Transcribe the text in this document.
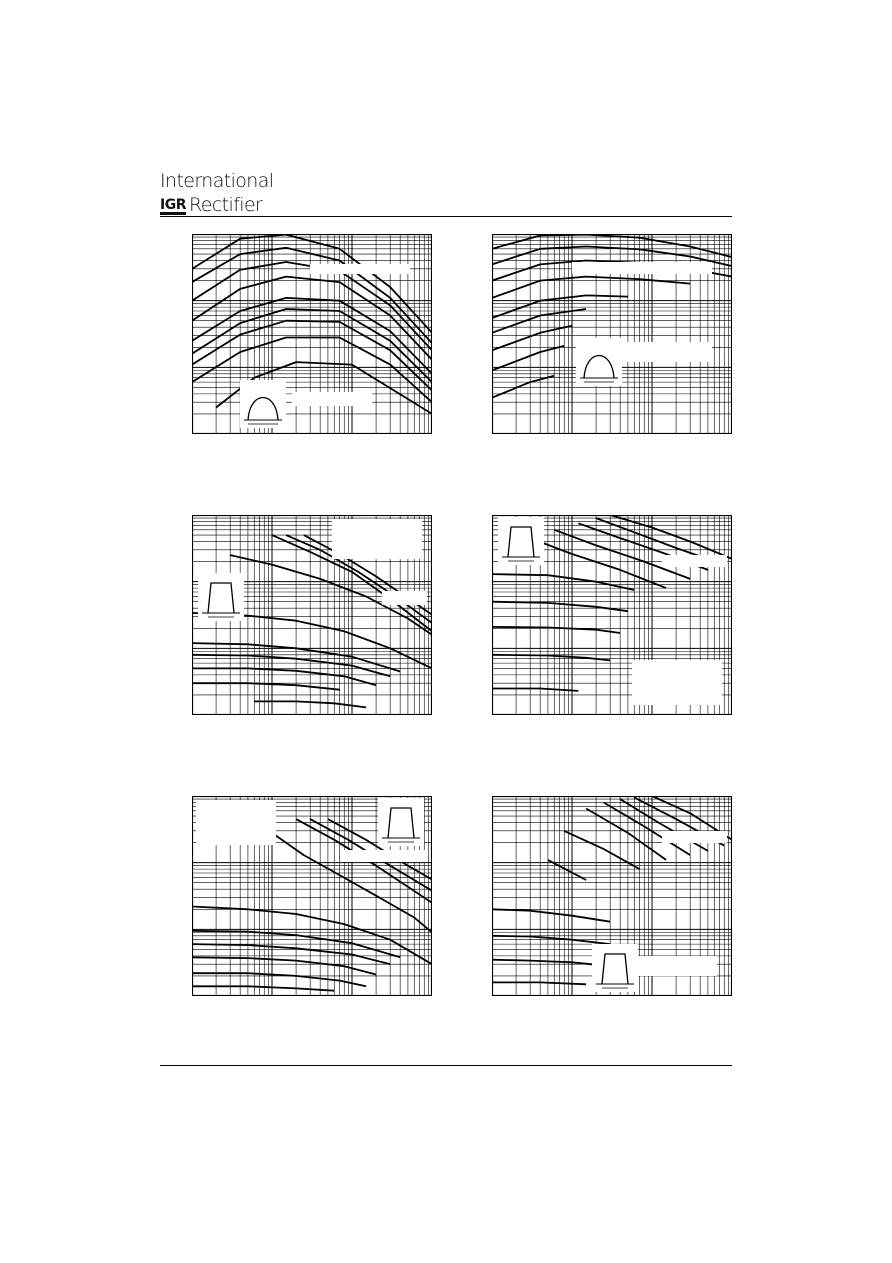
International
IGR Rectifier
